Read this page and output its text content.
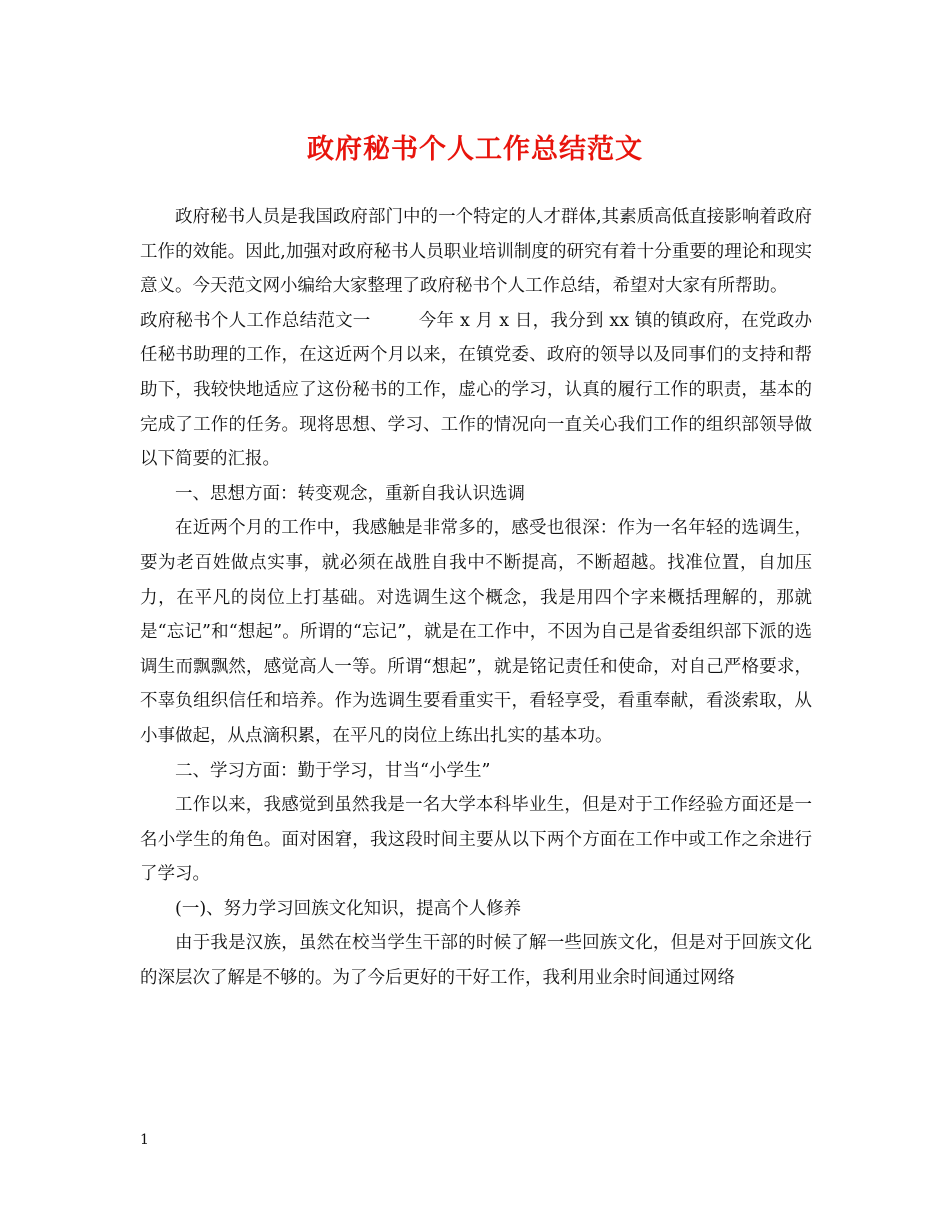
政府秘书个人工作总结范文

政府秘书人员是我国政府部门中的一个特定的人才群体,其素质高低直接影响着政府工作的效能。因此,加强对政府秘书人员职业培训制度的研究有着十分重要的理论和现实意义。今天范文网小编给大家整理了政府秘书个人工作总结，希望对大家有所帮助。

政府秘书个人工作总结范文一	今年 x 月 x 日，我分到 xx 镇的镇政府，在党政办任秘书助理的工作，在这近两个月以来，在镇党委、政府的领导以及同事们的支持和帮助下，我较快地适应了这份秘书的工作，虚心的学习，认真的履行工作的职责，基本的完成了工作的任务。现将思想、学习、工作的情况向一直关心我们工作的组织部领导做以下简要的汇报。

一、思想方面：转变观念，重新自我认识选调

在近两个月的工作中，我感触是非常多的，感受也很深：作为一名年轻的选调生，要为老百姓做点实事，就必须在战胜自我中不断提高，不断超越。找准位置，自加压力，在平凡的岗位上打基础。对选调生这个概念，我是用四个字来概括理解的，那就是“忘记”和“想起”。所谓的“忘记”，就是在工作中，不因为自己是省委组织部下派的选调生而飘飘然，感觉高人一等。所谓“想起”，就是铭记责任和使命，对自己严格要求，不辜负组织信任和培养。作为选调生要看重实干，看轻享受，看重奉献，看淡索取，从小事做起，从点滴积累，在平凡的岗位上练出扎实的基本功。

二、学习方面：勤于学习，甘当“小学生”

工作以来，我感觉到虽然我是一名大学本科毕业生，但是对于工作经验方面还是一名小学生的角色。面对困窘，我这段时间主要从以下两个方面在工作中或工作之余进行了学习。

(一)、努力学习回族文化知识，提高个人修养

由于我是汉族，虽然在校当学生干部的时候了解一些回族文化，但是对于回族文化的深层次了解是不够的。为了今后更好的干好工作，我利用业余时间通过网络

1
